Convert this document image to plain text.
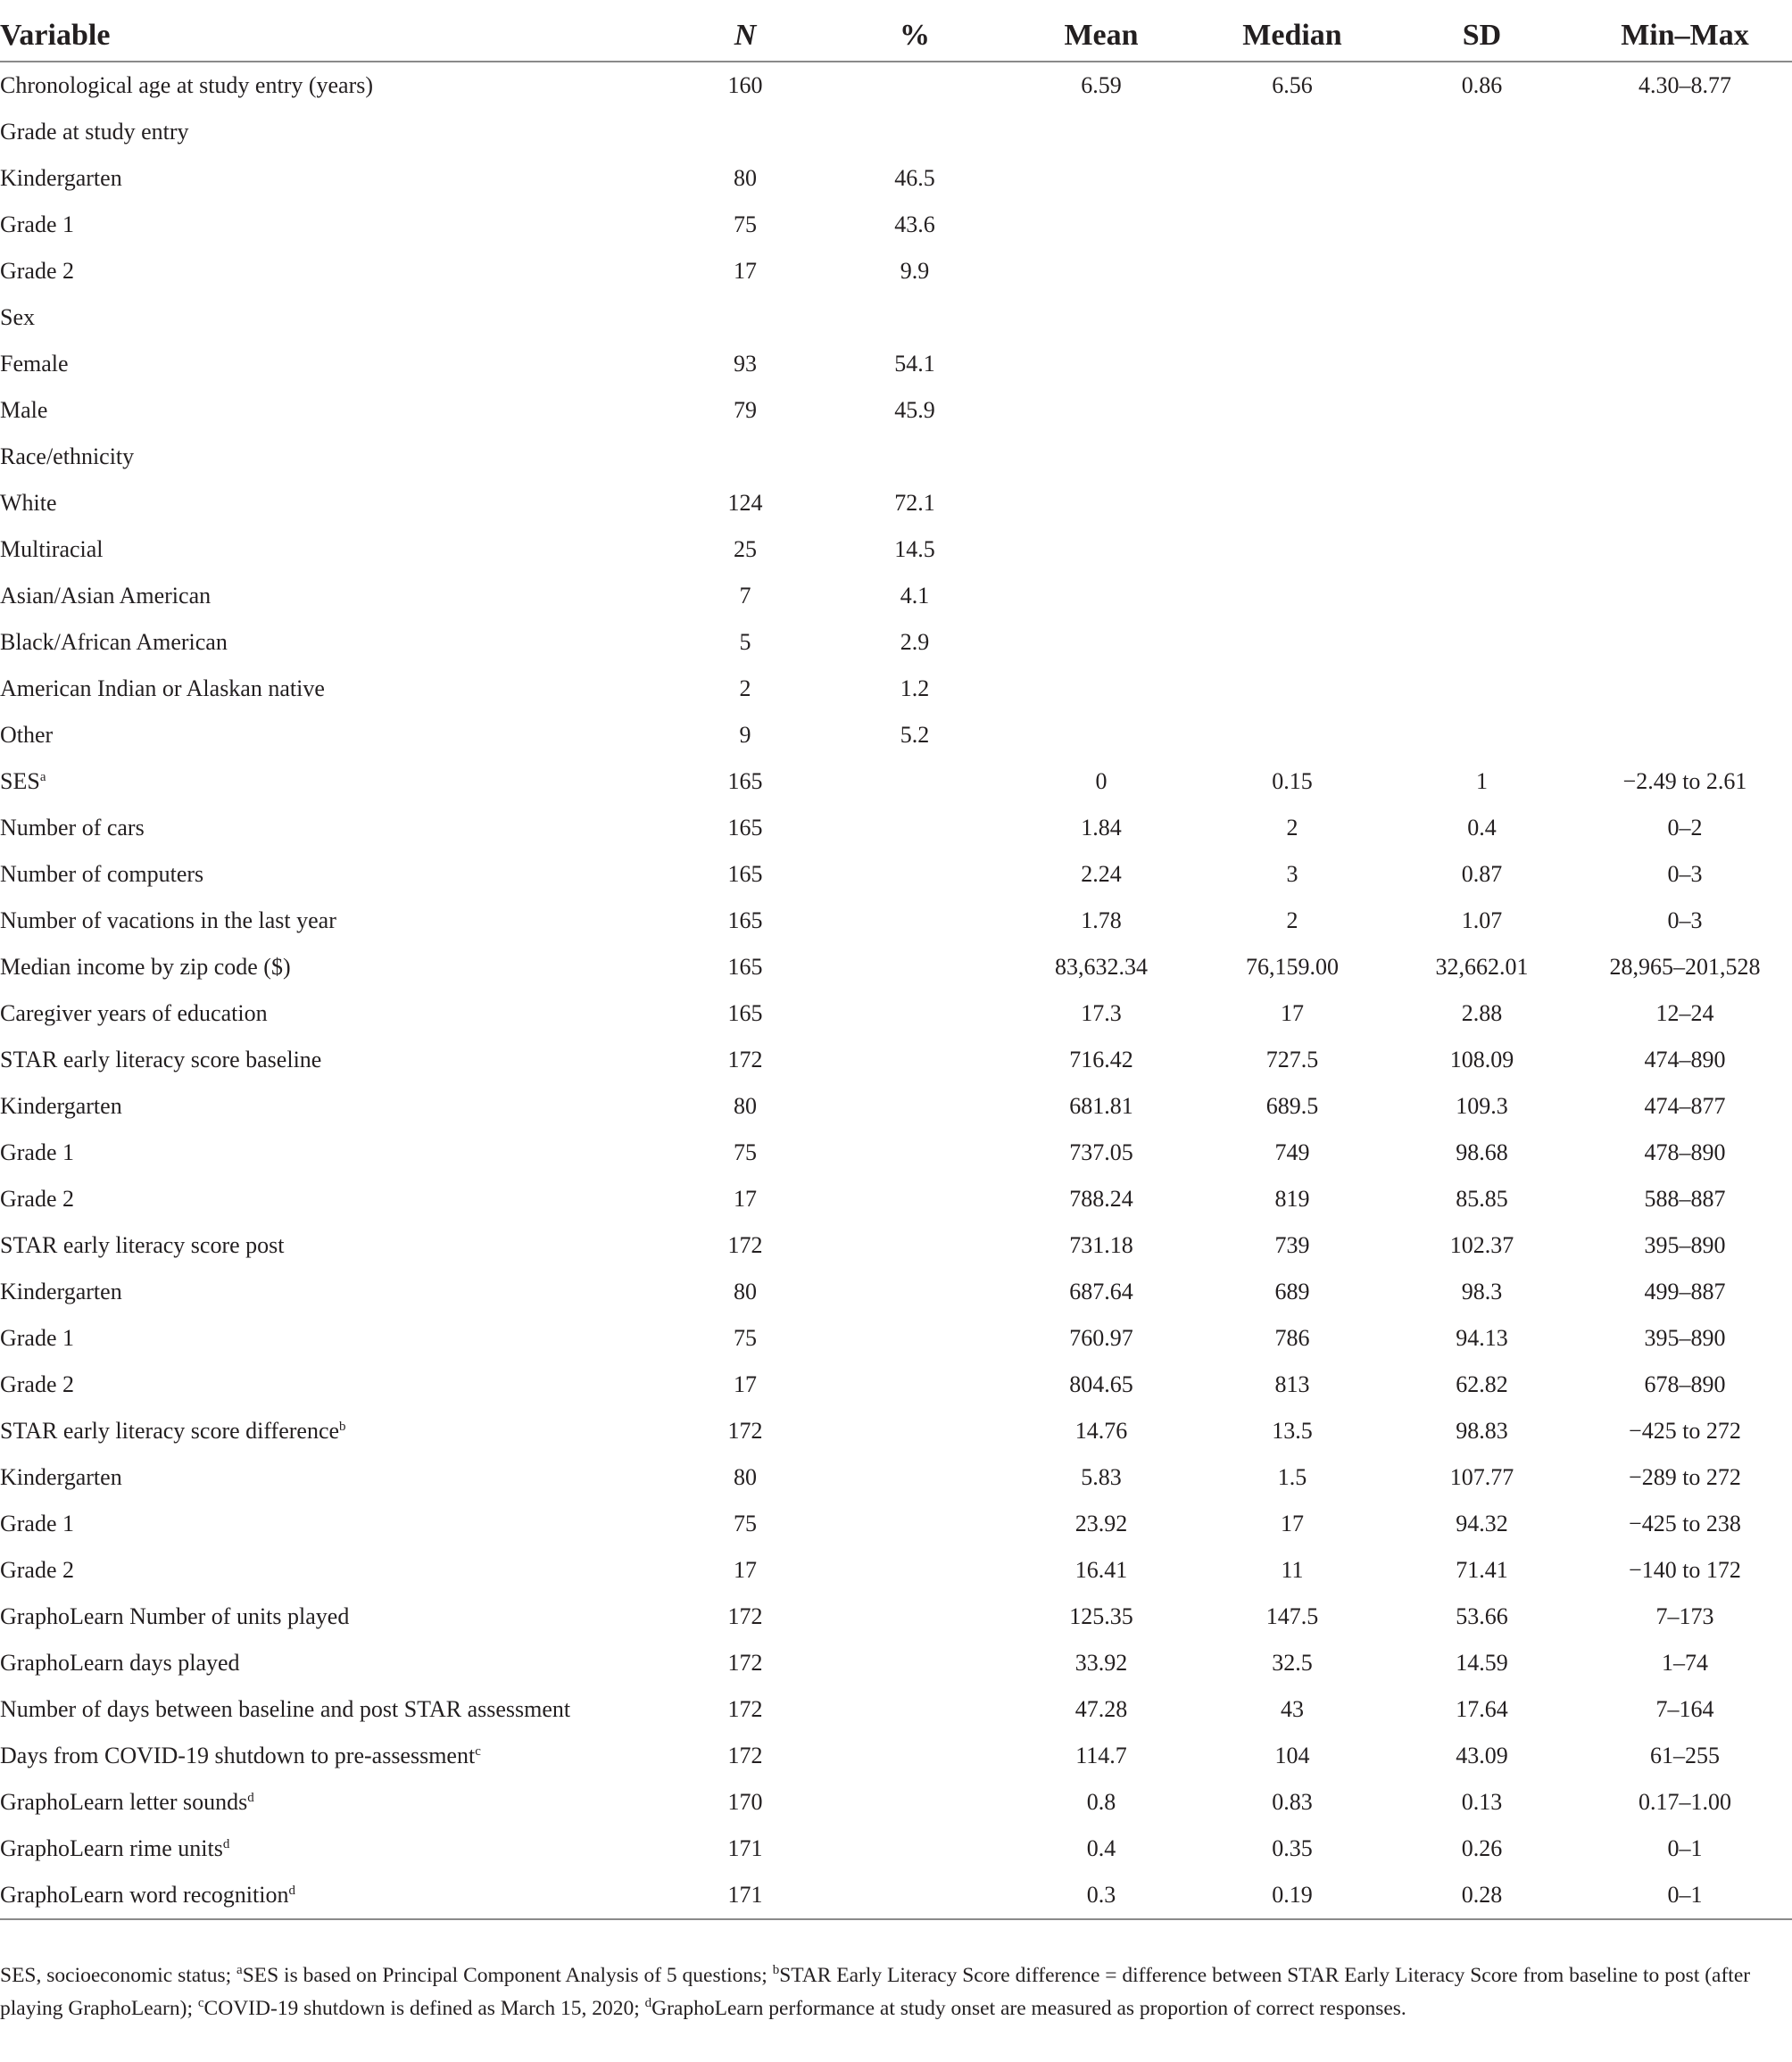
Variable	N	%	Mean	Median	SD	Min–Max
Chronological age at study entry (years)	160		6.59	6.56	0.86	4.30–8.77
Grade at study entry						
Kindergarten	80	46.5				
Grade 1	75	43.6				
Grade 2	17	9.9				
Sex						
Female	93	54.1				
Male	79	45.9				
Race/ethnicity						
White	124	72.1				
Multiracial	25	14.5				
Asian/Asian American	7	4.1				
Black/African American	5	2.9				
American Indian or Alaskan native	2	1.2				
Other	9	5.2				
SES$^a$	165		0	0.15	1	−2.49 to 2.61
Number of cars	165		1.84	2	0.4	0–2
Number of computers	165		2.24	3	0.87	0–3
Number of vacations in the last year	165		1.78	2	1.07	0–3
Median income by zip code ($)	165		83,632.34	76,159.00	32,662.01	28,965–201,528
Caregiver years of education	165		17.3	17	2.88	12–24
STAR early literacy score baseline	172		716.42	727.5	108.09	474–890
Kindergarten	80		681.81	689.5	109.3	474–877
Grade 1	75		737.05	749	98.68	478–890
Grade 2	17		788.24	819	85.85	588–887
STAR early literacy score post	172		731.18	739	102.37	395–890
Kindergarten	80		687.64	689	98.3	499–887
Grade 1	75		760.97	786	94.13	395–890
Grade 2	17		804.65	813	62.82	678–890
STAR early literacy score difference$^b$	172		14.76	13.5	98.83	−425 to 272
Kindergarten	80		5.83	1.5	107.77	−289 to 272
Grade 1	75		23.92	17	94.32	−425 to 238
Grade 2	17		16.41	11	71.41	−140 to 172
GraphoLearn Number of units played	172		125.35	147.5	53.66	7–173
GraphoLearn days played	172		33.92	32.5	14.59	1–74
Number of days between baseline and post STAR assessment	172		47.28	43	17.64	7–164
Days from COVID-19 shutdown to pre-assessment$^c$	172		114.7	104	43.09	61–255
GraphoLearn letter sounds$^d$	170		0.8	0.83	0.13	0.17–1.00
GraphoLearn rime units$^d$	171		0.4	0.35	0.26	0–1
GraphoLearn word recognition$^d$	171		0.3	0.19	0.28	0–1
SES, socioeconomic status; $^a$SES is based on Principal Component Analysis of 5 questions; $^b$STAR Early Literacy Score difference = difference between STAR Early Literacy Score from baseline to post (after playing GraphoLearn); $^c$COVID-19 shutdown is defined as March 15, 2020; $^d$GraphoLearn performance at study onset are measured as proportion of correct responses.
